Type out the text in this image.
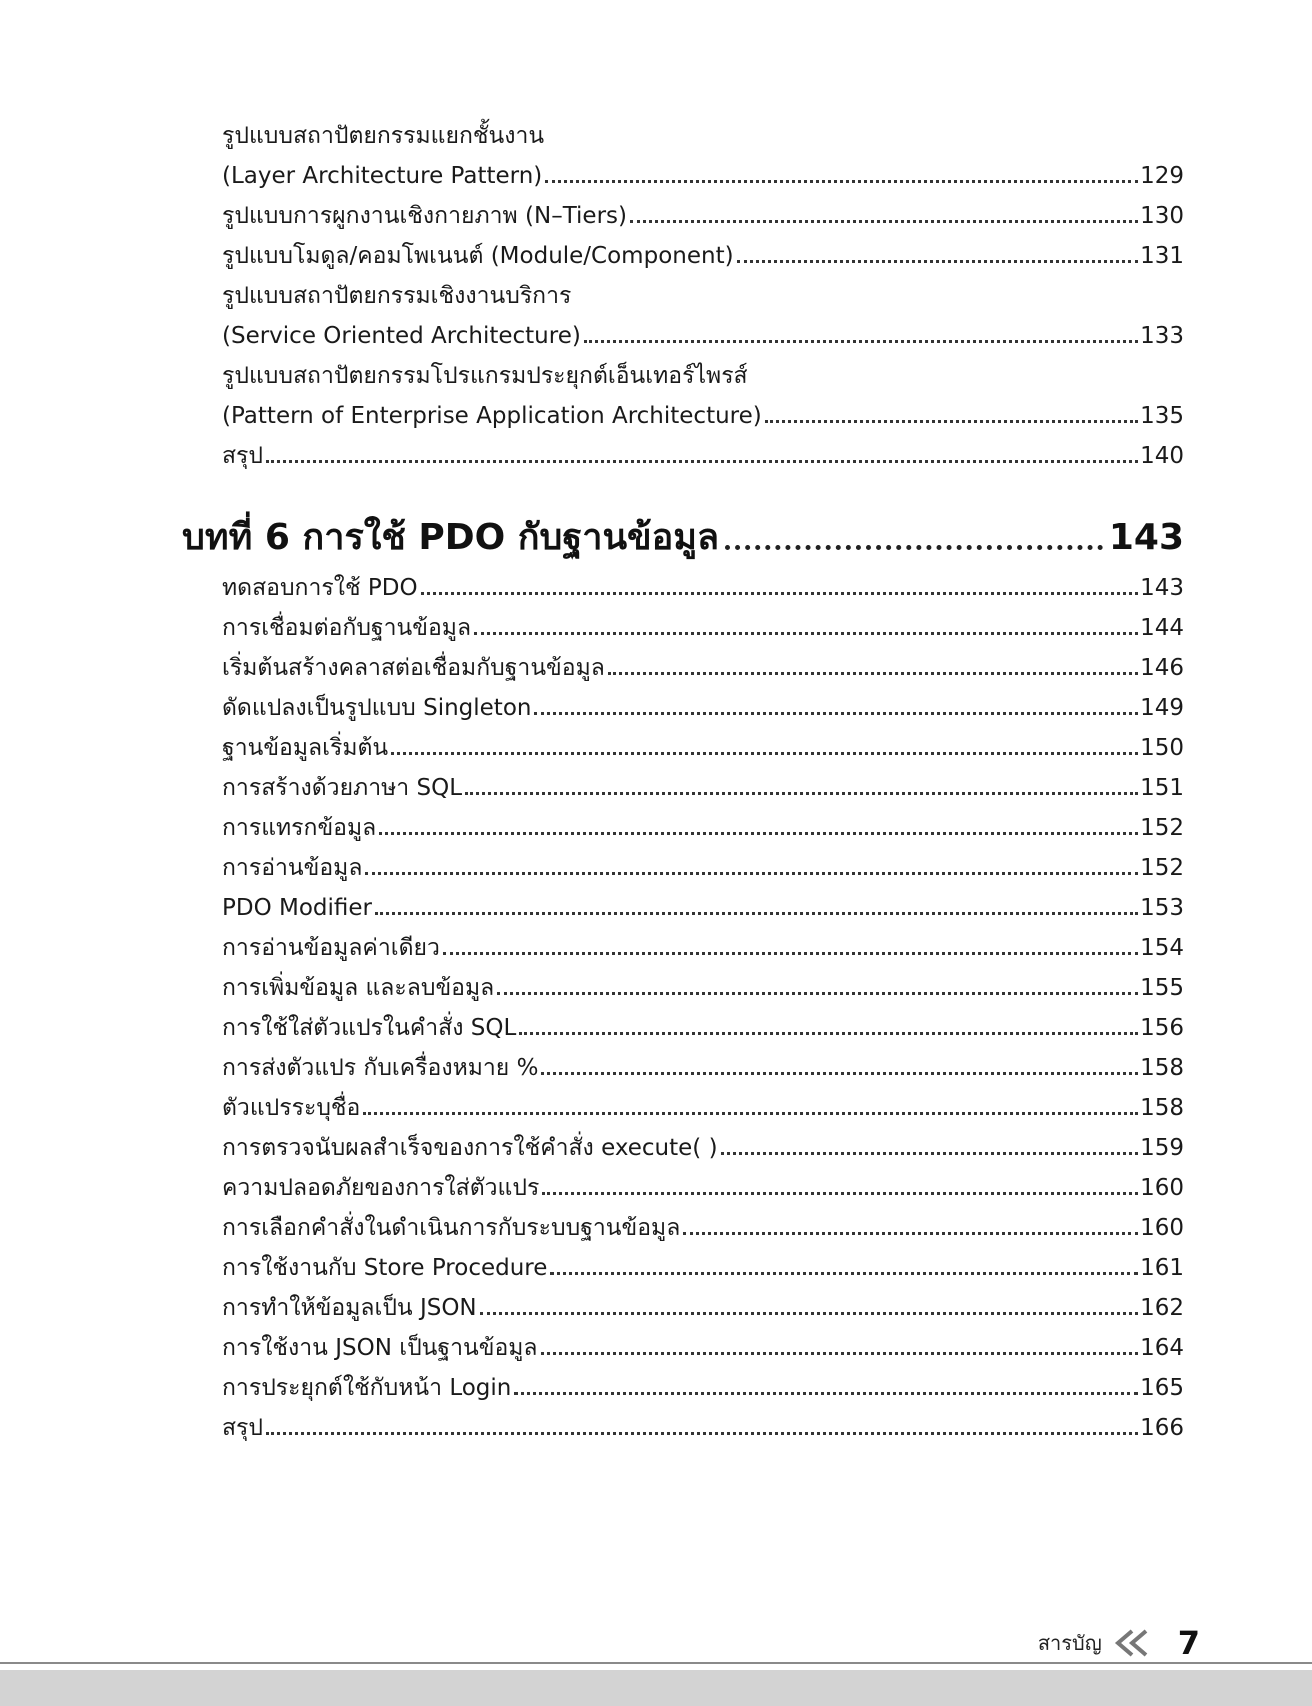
รูปแบบสถาปัตยกรรมแยกชั้นงาน
(Layer Architecture Pattern)	129
รูปแบบการผูกงานเชิงกายภาพ (N–Tiers)	130
รูปแบบโมดูล/คอมโพเนนต์ (Module/Component)	131
รูปแบบสถาปัตยกรรมเชิงงานบริการ
(Service Oriented Architecture)	133
รูปแบบสถาปัตยกรรมโปรแกรมประยุกต์เอ็นเทอร์ไพรส์
(Pattern of Enterprise Application Architecture)	135
สรุป	140
บทที่ 6 การใช้ PDO กับฐานข้อมูล	143
ทดสอบการใช้ PDO	143
การเชื่อมต่อกับฐานข้อมูล	144
เริ่มต้นสร้างคลาสต่อเชื่อมกับฐานข้อมูล	146
ดัดแปลงเป็นรูปแบบ Singleton	149
ฐานข้อมูลเริ่มต้น	150
การสร้างด้วยภาษา SQL	151
การแทรกข้อมูล	152
การอ่านข้อมูล	152
PDO Modifier	153
การอ่านข้อมูลค่าเดียว	154
การเพิ่มข้อมูล และลบข้อมูล	155
การใช้ใส่ตัวแปรในคำสั่ง SQL	156
การส่งตัวแปร กับเครื่องหมาย %	158
ตัวแปรระบุชื่อ	158
การตรวจนับผลสำเร็จของการใช้คำสั่ง execute( )	159
ความปลอดภัยของการใส่ตัวแปร	160
การเลือกคำสั่งในดำเนินการกับระบบฐานข้อมูล	160
การใช้งานกับ Store Procedure	161
การทำให้ข้อมูลเป็น JSON	162
การใช้งาน JSON เป็นฐานข้อมูล	164
การประยุกต์ใช้กับหน้า Login	165
สรุป	166
สารบัญ 7
